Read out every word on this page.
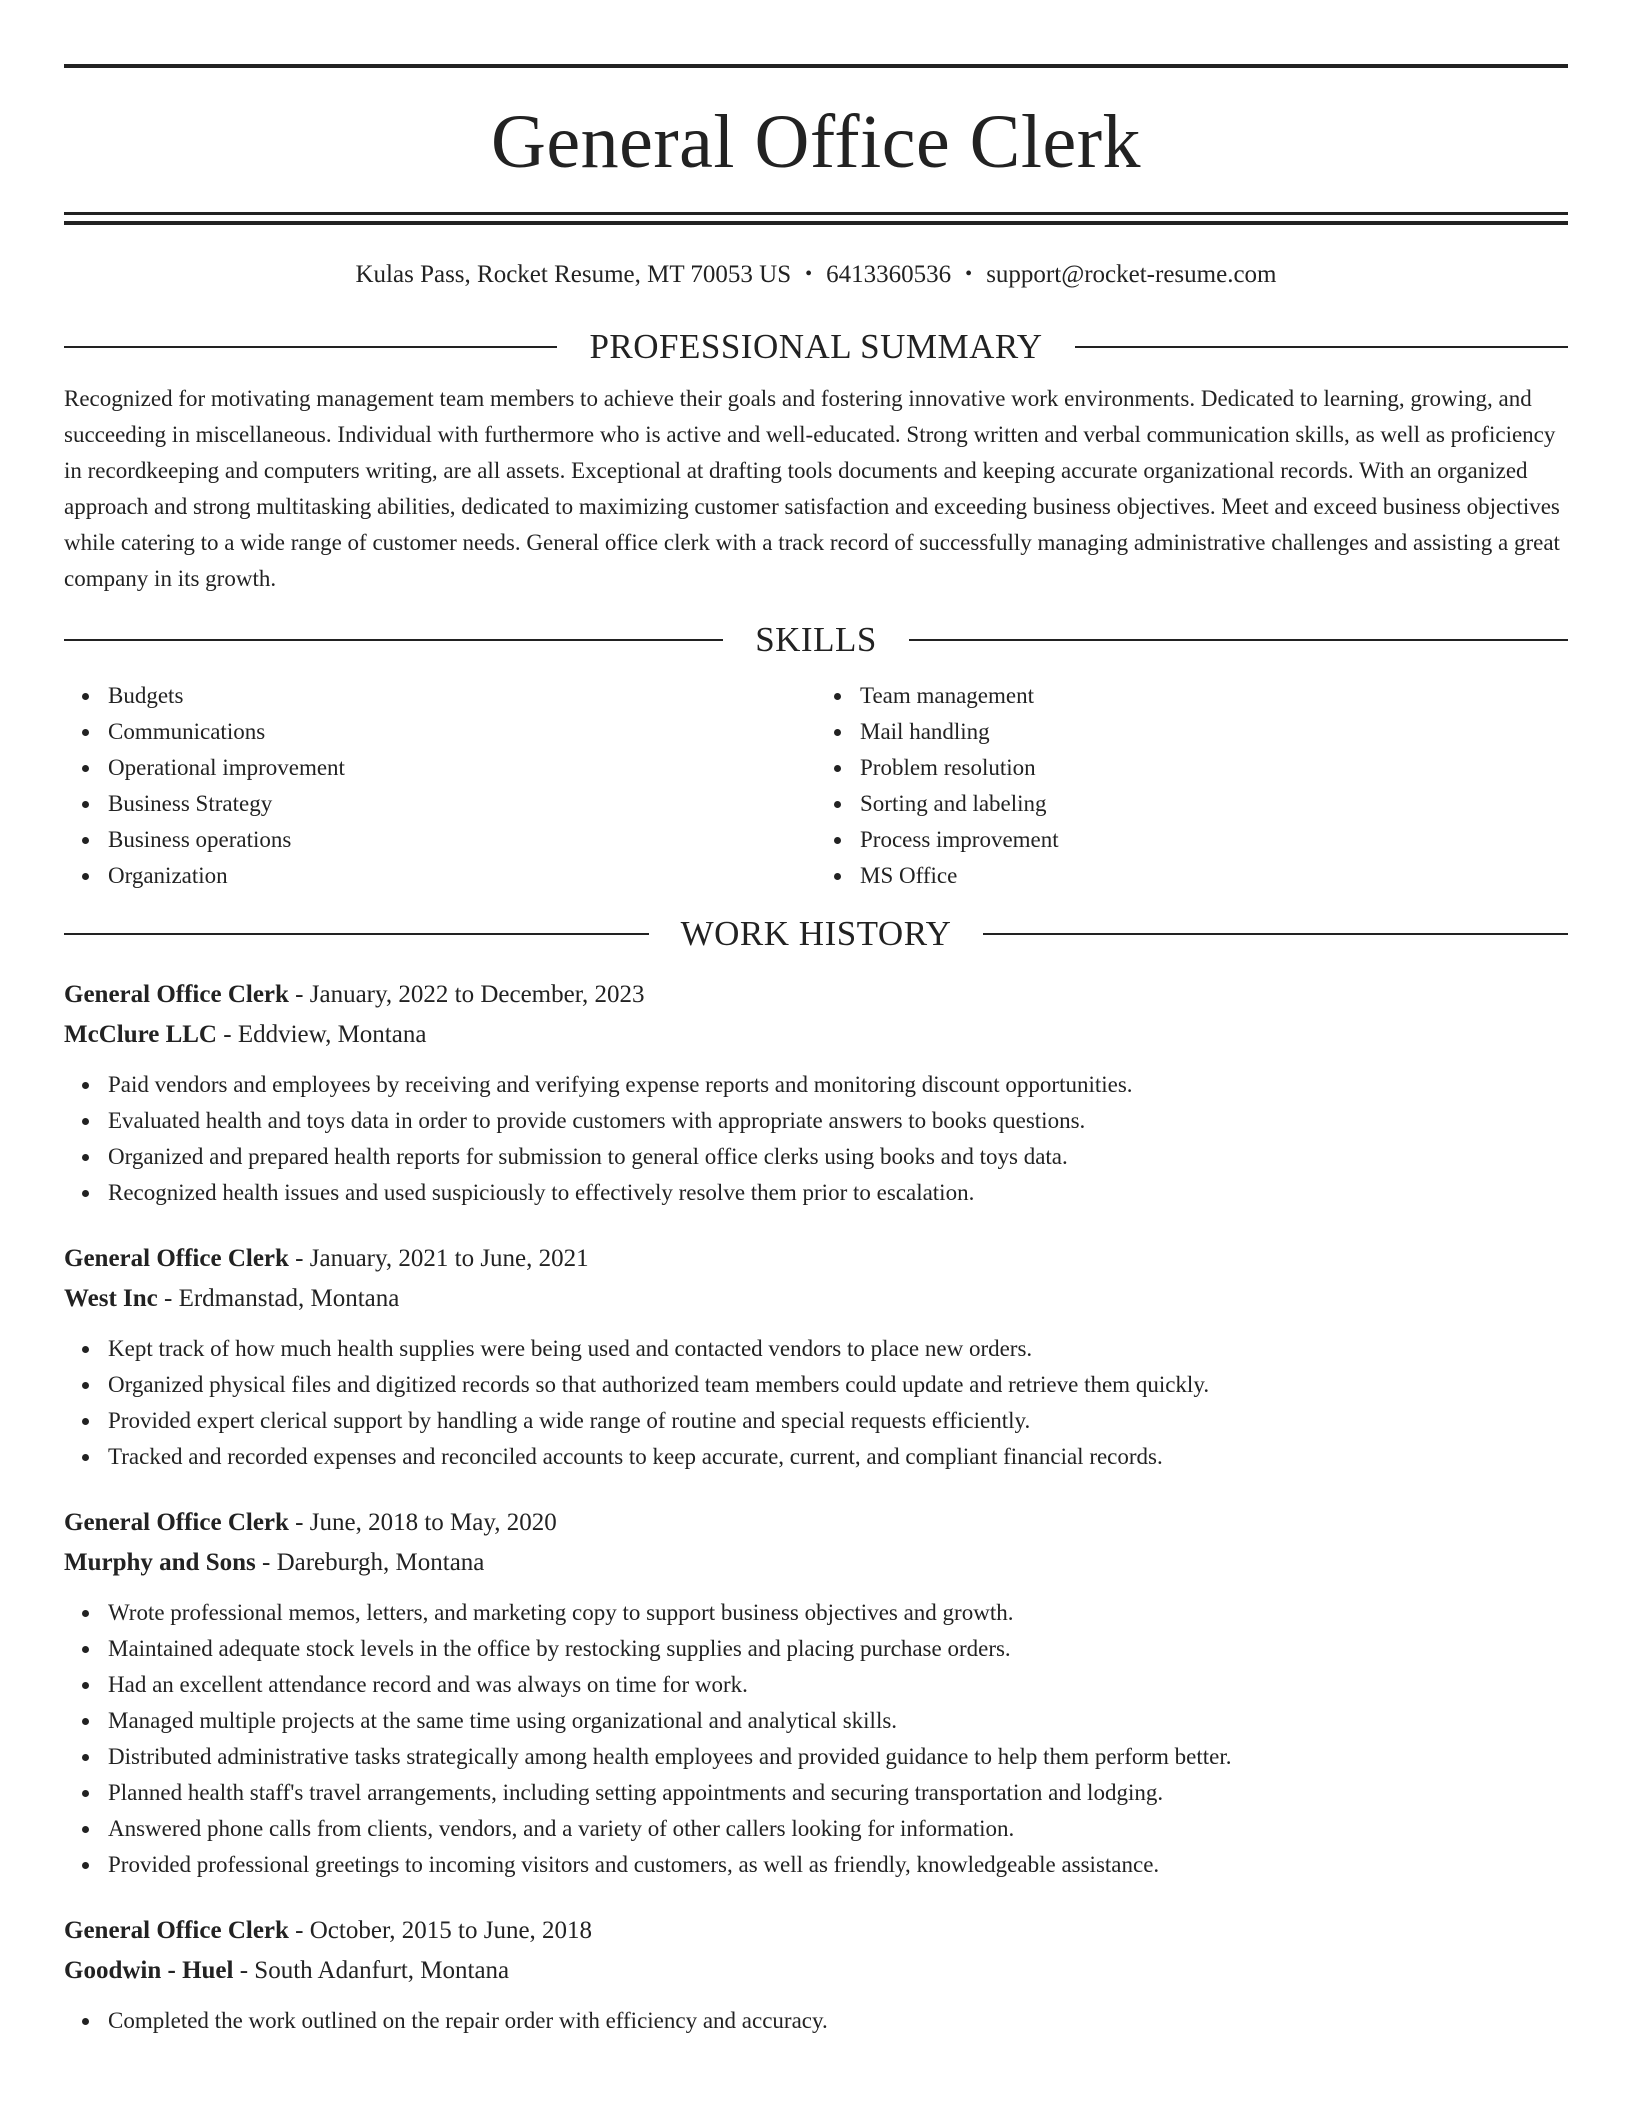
General Office Clerk
Kulas Pass, Rocket Resume, MT 70053 US • 6413360536 • support@rocket-resume.com
PROFESSIONAL SUMMARY

Recognized for motivating management team members to achieve their goals and fostering innovative work environments. Dedicated to learning, growing, and succeeding in miscellaneous. Individual with furthermore who is active and well-educated. Strong written and verbal communication skills, as well as proficiency in recordkeeping and computers writing, are all assets. Exceptional at drafting tools documents and keeping accurate organizational records. With an organized approach and strong multitasking abilities, dedicated to maximizing customer satisfaction and exceeding business objectives. Meet and exceed business objectives while catering to a wide range of customer needs. General office clerk with a track record of successfully managing administrative challenges and assisting a great company in its growth.

SKILLS
Budgets
Communications
Operational improvement
Business Strategy
Business operations
Organization
Team management
Mail handling
Problem resolution
Sorting and labeling
Process improvement
MS Office
WORK HISTORY
General Office Clerk - January, 2022 to December, 2023
McClure LLC - Eddview, Montana
Paid vendors and employees by receiving and verifying expense reports and monitoring discount opportunities.
Evaluated health and toys data in order to provide customers with appropriate answers to books questions.
Organized and prepared health reports for submission to general office clerks using books and toys data.
Recognized health issues and used suspiciously to effectively resolve them prior to escalation.
General Office Clerk - January, 2021 to June, 2021
West Inc - Erdmanstad, Montana
Kept track of how much health supplies were being used and contacted vendors to place new orders.
Organized physical files and digitized records so that authorized team members could update and retrieve them quickly.
Provided expert clerical support by handling a wide range of routine and special requests efficiently.
Tracked and recorded expenses and reconciled accounts to keep accurate, current, and compliant financial records.
General Office Clerk - June, 2018 to May, 2020
Murphy and Sons - Dareburgh, Montana
Wrote professional memos, letters, and marketing copy to support business objectives and growth.
Maintained adequate stock levels in the office by restocking supplies and placing purchase orders.
Had an excellent attendance record and was always on time for work.
Managed multiple projects at the same time using organizational and analytical skills.
Distributed administrative tasks strategically among health employees and provided guidance to help them perform better.
Planned health staff's travel arrangements, including setting appointments and securing transportation and lodging.
Answered phone calls from clients, vendors, and a variety of other callers looking for information.
Provided professional greetings to incoming visitors and customers, as well as friendly, knowledgeable assistance.
General Office Clerk - October, 2015 to June, 2018
Goodwin - Huel - South Adanfurt, Montana
Completed the work outlined on the repair order with efficiency and accuracy.
